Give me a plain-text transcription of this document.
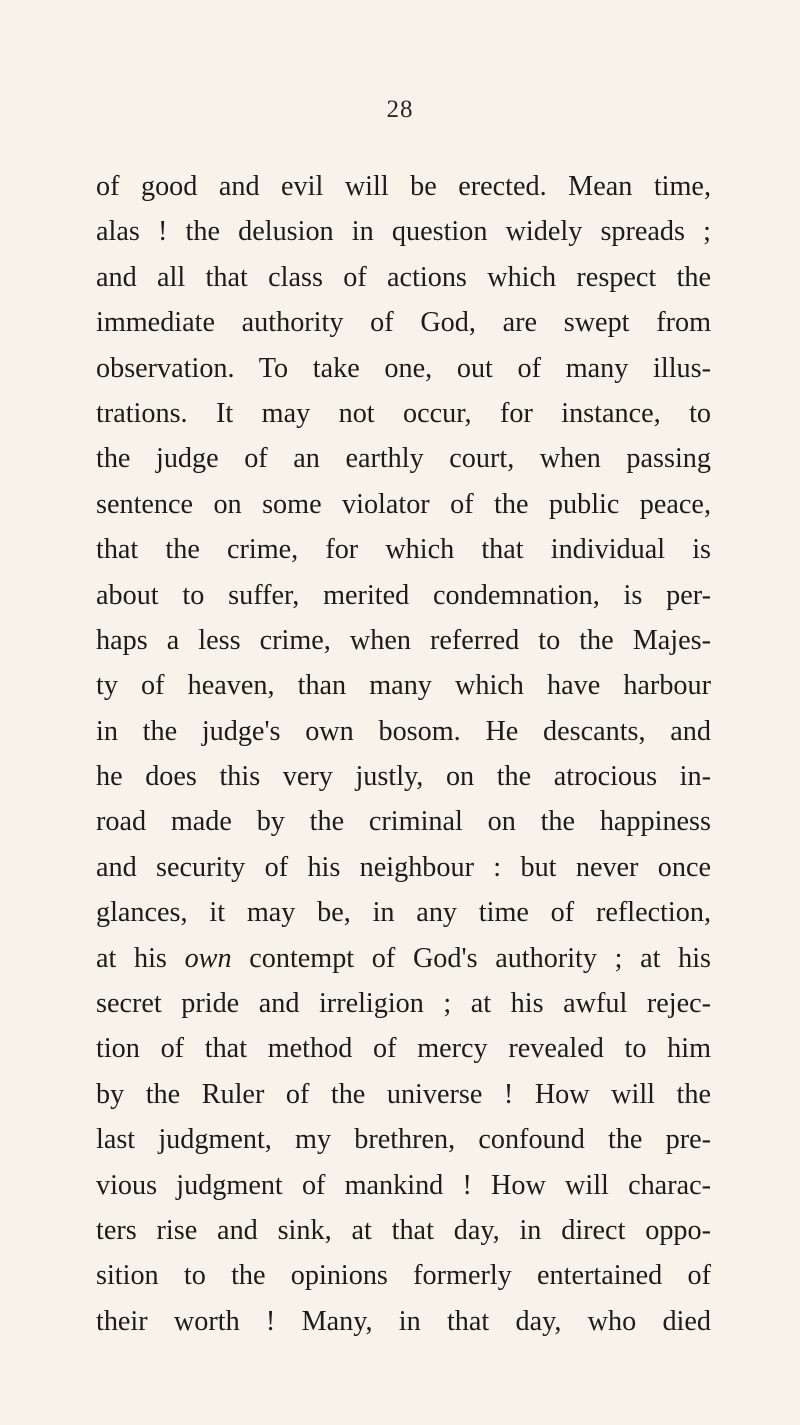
28
of good and evil will be erected. Mean time,
alas ! the delusion in question widely spreads ;
and all that class of actions which respect the
immediate authority of God, are swept from
observation. To take one, out of many illus-
trations. It may not occur, for instance, to
the judge of an earthly court, when passing
sentence on some violator of the public peace,
that the crime, for which that individual is
about to suffer, merited condemnation, is per-
haps a less crime, when referred to the Majes-
ty of heaven, than many which have harbour
in the judge's own bosom. He descants, and
he does this very justly, on the atrocious in-
road made by the criminal on the happiness
and security of his neighbour : but never once
glances, it may be, in any time of reflection,
at his own contempt of God's authority ; at his
secret pride and irreligion ; at his awful rejec-
tion of that method of mercy revealed to him
by the Ruler of the universe ! How will the
last judgment, my brethren, confound the pre-
vious judgment of mankind ! How will charac-
ters rise and sink, at that day, in direct oppo-
sition to the opinions formerly entertained of
their worth ! Many, in that day, who died
